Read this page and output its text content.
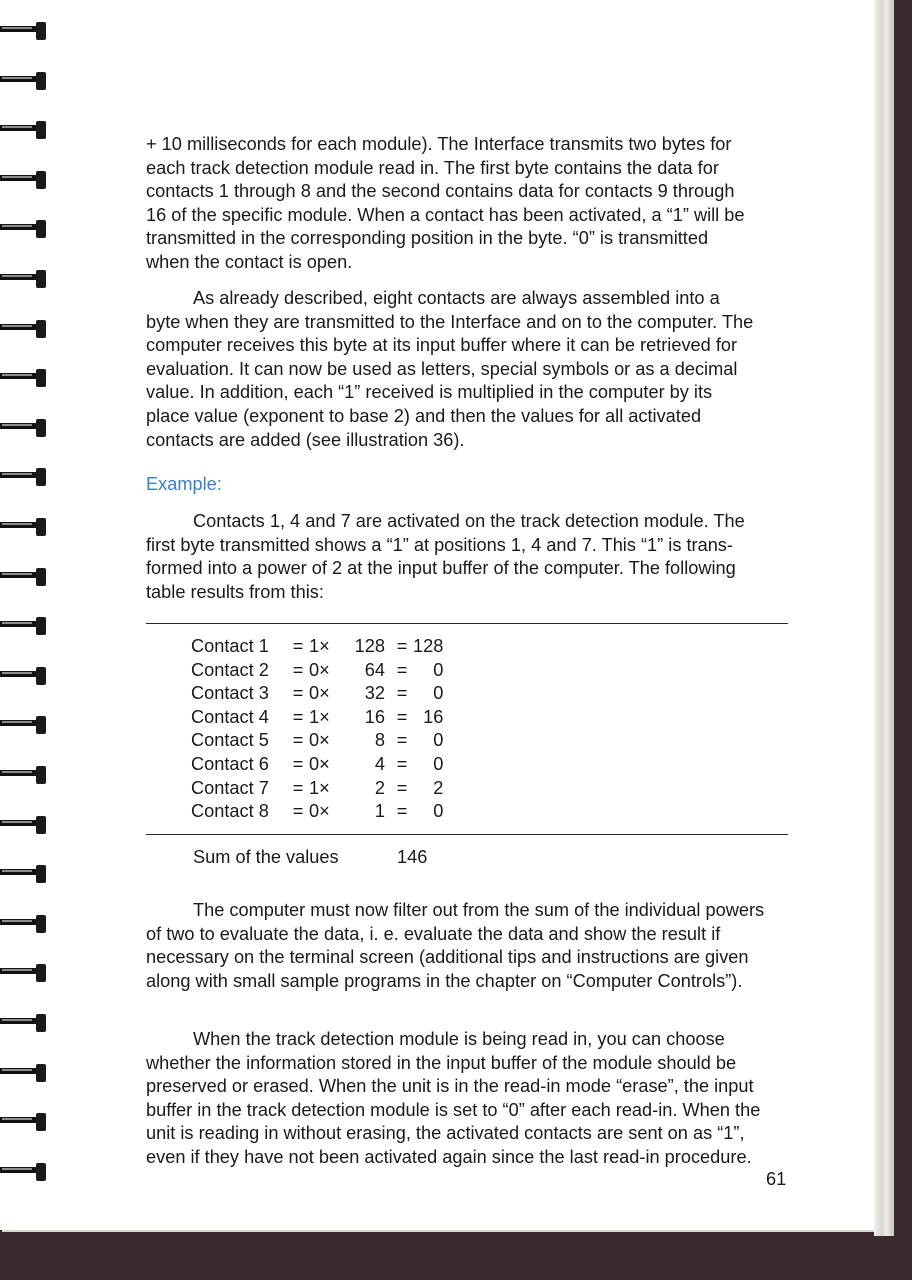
+ 10 milliseconds for each module). The Interface transmits two bytes for
each track detection module read in. The first byte contains the data for
contacts 1 through 8 and the second contains data for contacts 9 through
16 of the specific module. When a contact has been activated, a “1” will be
transmitted in the corresponding position in the byte. “0” is transmitted
when the contact is open.

As already described, eight contacts are always assembled into a
byte when they are transmitted to the Interface and on to the computer. The
computer receives this byte at its input buffer where it can be retrieved for
evaluation. It can now be used as letters, special symbols or as a decimal
value. In addition, each “1” received is multiplied in the computer by its
place value (exponent to base 2) and then the values for all activated
contacts are added (see illustration 36).

Example:

Contacts 1, 4 and 7 are activated on the track detection module. The
first byte transmitted shows a “1” at positions 1, 4 and 7. This “1” is trans-
formed into a power of 2 at the input buffer of the computer. The following
table results from this:

Contact 1	=	1×	128	=	128
Contact 2	=	0×	64	=	0
Contact 3	=	0×	32	=	0
Contact 4	=	1×	16	=	16
Contact 5	=	0×	8	=	0
Contact 6	=	0×	4	=	0
Contact 7	=	1×	2	=	2
Contact 8	=	0×	1	=	0
Sum of the values	146

The computer must now filter out from the sum of the individual powers
of two to evaluate the data, i. e. evaluate the data and show the result if
necessary on the terminal screen (additional tips and instructions are given
along with small sample programs in the chapter on “Computer Controls”).

When the track detection module is being read in, you can choose
whether the information stored in the input buffer of the module should be
preserved or erased. When the unit is in the read-in mode “erase”, the input
buffer in the track detection module is set to “0” after each read-in. When the
unit is reading in without erasing, the activated contacts are sent on as “1”,
even if they have not been activated again since the last read-in procedure.

61
